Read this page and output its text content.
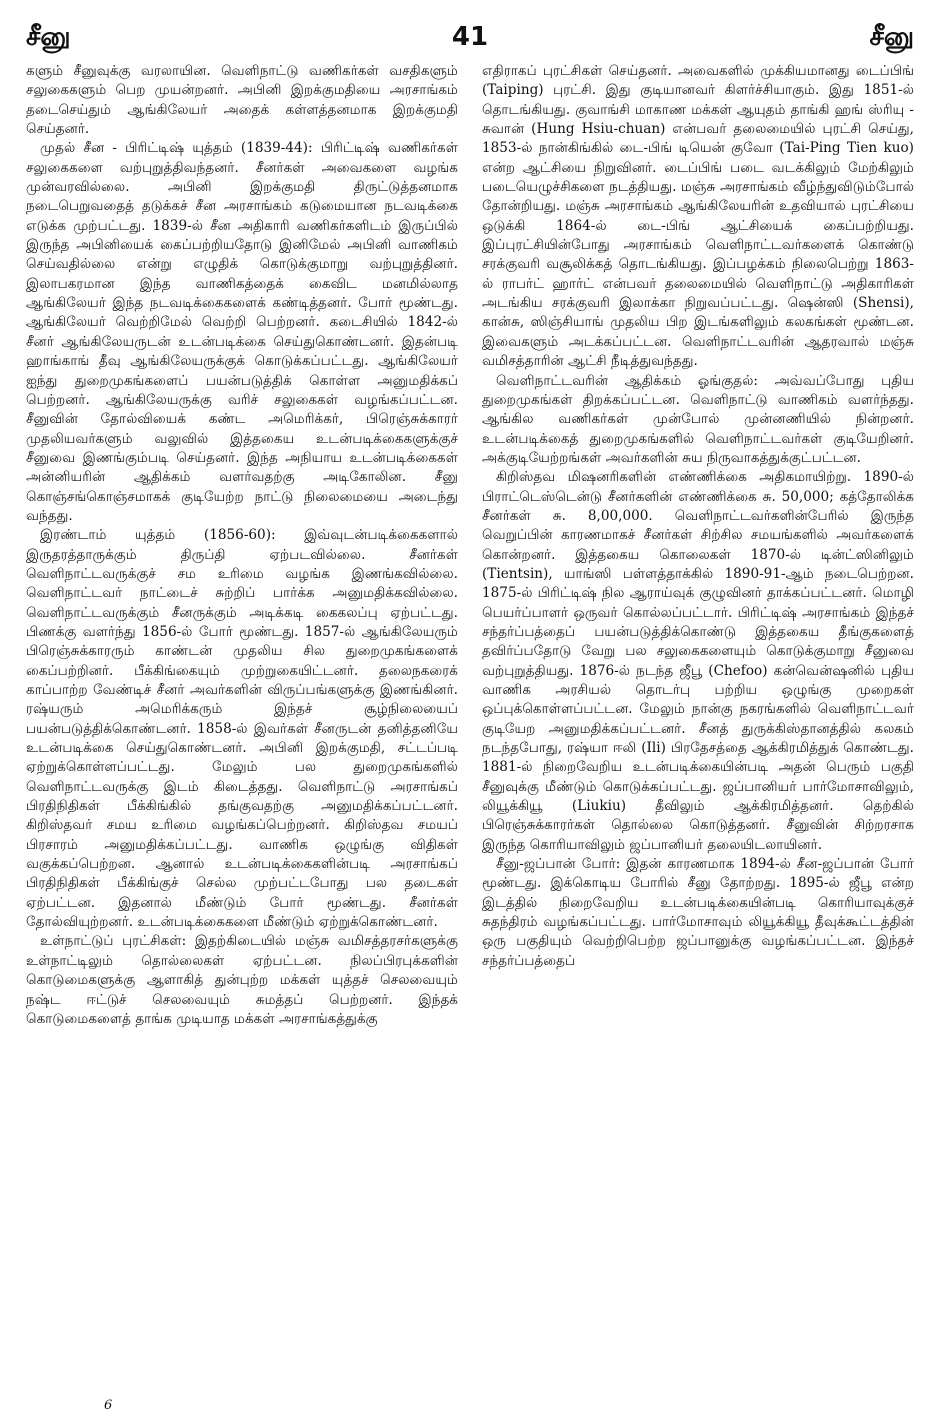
சீனு	41	சீனு

களும் சீனுவுக்கு வரலாயின. வெளிநாட்டு வணிகர்கள் வசதிகளும் சலுகைகளும் பெற முயன்றனர். அபினி இறக்குமதியை அரசாங்கம் தடைசெய்தும் ஆங்கிலேயர் அதைக் கள்ளத்தனமாக இறக்குமதி செய்தனர்.

முதல் சீன - பிரிட்டிஷ் யுத்தம் (1839-44): பிரிட்டிஷ் வணிகர்கள் சலுகைகளை வற்புறுத்திவந்தனர். சீனர்கள் அவைகளை வழங்க முன்வரவில்லை. அபினி இறக்குமதி திருட்டுத்தனமாக நடைபெறுவதைத் தடுக்கச் சீன அரசாங்கம் கடுமையான நடவடிக்கை எடுக்க முற்பட்டது. 1839-ல் சீன அதிகாரி வணிகர்களிடம் இருப்பில் இருந்த அபினியைக் கைப்பற்றியதோடு இனிமேல் அபினி வாணிகம் செய்வதில்லை என்று எழுதிக் கொடுக்குமாறு வற்புறுத்தினர். இலாபகரமான இந்த வாணிகத்தைக் கைவிட மனமில்லாத ஆங்கிலேயர் இந்த நடவடிக்கைகளைக் கண்டித்தனர். போர் மூண்டது. ஆங்கிலேயர் வெற்றிமேல் வெற்றி பெற்றனர். கடைசியில் 1842-ல் சீனர் ஆங்கிலேயருடன் உடன்படிக்கை செய்துகொண்டனர். இதன்படி ஹாங்காங் தீவு ஆங்கிலேயருக்குக் கொடுக்கப்பட்டது. ஆங்கிலேயர் ஐந்து துறைமுகங்களைப் பயன்படுத்திக் கொள்ள அனுமதிக்கப் பெற்றனர். ஆங்கிலேயருக்கு வரிச் சலுகைகள் வழங்கப்பட்டன. சீனுவின் தோல்வியைக் கண்ட அமெரிக்கர், பிரெஞ்சுக்காரர் முதலியவர்களும் வலுவில் இத்தகைய உடன்படிக்கைகளுக்குச் சீனுவை இணங்கும்படி செய்தனர். இந்த அநியாய உடன்படிக்கைகள் அன்னியரின் ஆதிக்கம் வளர்வதற்கு அடிகோலின. சீனு கொஞ்சங்கொஞ்சமாகக் குடியேற்ற நாட்டு நிலைமையை அடைந்து வந்தது.

இரண்டாம் யுத்தம் (1856-60): இவ்வுடன்படிக்கைகளால் இருதரத்தாருக்கும் திருப்தி ஏற்படவில்லை. சீனர்கள் வெளிநாட்டவருக்குச் சம உரிமை வழங்க இணங்கவில்லை. வெளிநாட்டவர் நாட்டைச் சுற்றிப் பார்க்க அனுமதிக்கவில்லை. வெளிநாட்டவருக்கும் சீனருக்கும் அடிக்கடி கைகலப்பு ஏற்பட்டது. பிணக்கு வளர்ந்து 1856-ல் போர் மூண்டது. 1857-ல் ஆங்கிலேயரும் பிரெஞ்சுக்காரரும் காண்டன் முதலிய சில துறைமுகங்களைக் கைப்பற்றினர். பீக்கிங்கையும் முற்றுகையிட்டனர். தலைநகரைக் காப்பாற்ற வேண்டிச் சீனர் அவர்களின் விருப்பங்களுக்கு இணங்கினர். ரஷ்யரும் அமெரிக்கரும் இந்தச் சூழ்நிலையைப் பயன்படுத்திக்கொண்டனர். 1858-ல் இவர்கள் சீனருடன் தனித்தனியே உடன்படிக்கை செய்துகொண்டனர். அபினி இறக்குமதி, சட்டப்படி ஏற்றுக்கொள்ளப்பட்டது. மேலும் பல துறைமுகங்களில் வெளிநாட்டவருக்கு இடம் கிடைத்தது. வெளிநாட்டு அரசாங்கப் பிரதிநிதிகள் பீக்கிங்கில் தங்குவதற்கு அனுமதிக்கப்பட்டனர். கிறிஸ்தவர் சமய உரிமை வழங்கப்பெற்றனர். கிறிஸ்தவ சமயப் பிரசாரம் அனுமதிக்கப்பட்டது. வாணிக ஒழுங்கு விதிகள் வகுக்கப்பெற்றன. ஆனால் உடன்படிக்கைகளின்படி அரசாங்கப் பிரதிநிதிகள் பீக்கிங்குச் செல்ல முற்பட்டபோது பல தடைகள் ஏற்பட்டன. இதனால் மீண்டும் போர் மூண்டது. சீனர்கள் தோல்வியுற்றனர். உடன்படிக்கைகளை மீண்டும் ஏற்றுக்கொண்டனர்.

உள்நாட்டுப் புரட்சிகள்: இதற்கிடையில் மஞ்சு வமிசத்தரசர்களுக்கு உள்நாட்டிலும் தொல்லைகள் ஏற்பட்டன. நிலப்பிரபுக்களின் கொடுமைகளுக்கு ஆளாகித் துன்புற்ற மக்கள் யுத்தச் செலவையும் நஷ்ட ஈட்டுச் செலவையும் சுமத்தப் பெற்றனர். இந்தக் கொடுமைகளைத் தாங்க முடியாத மக்கள் அரசாங்கத்துக்கு

எதிராகப் புரட்சிகள் செய்தனர். அவைகளில் முக்கியமானது டைப்பிங் (Taiping) புரட்சி. இது குடியானவர் கிளர்ச்சியாகும். இது 1851-ல் தொடங்கியது. குவாங்சி மாகாண மக்கள் ஆயுதம் தாங்கி ஹங் ஸ்ரியு - சுவான் (Hung Hsiu-chuan) என்பவர் தலைமையில் புரட்சி செய்து, 1853-ல் நான்கிங்கில் டை-பிங் டியென் குவோ (Tai-Ping Tien kuo) என்ற ஆட்சியை நிறுவினர். டைப்பிங் படை வடக்கிலும் மேற்கிலும் படையெழுச்சிகளை நடத்தியது. மஞ்சு அரசாங்கம் வீழ்ந்துவிடும்போல் தோன்றியது. மஞ்சு அரசாங்கம் ஆங்கிலேயரின் உதவியால் புரட்சியை ஒடுக்கி 1864-ல் டை-பிங் ஆட்சியைக் கைப்பற்றியது. இப்புரட்சியின்போது அரசாங்கம் வெளிநாட்டவர்களைக் கொண்டு சரக்குவரி வசூலிக்கத் தொடங்கியது. இப்பழக்கம் நிலைபெற்று 1863-ல் ராபர்ட் ஹார்ட் என்பவர் தலைமையில் வெளிநாட்டு அதிகாரிகள் அடங்கிய சரக்குவரி இலாக்கா நிறுவப்பட்டது. ஷென்ஸி (Shensi), கான்சு, ஸிஞ்சியாங் முதலிய பிற இடங்களிலும் கலகங்கள் மூண்டன. இவைகளும் அடக்கப்பட்டன. வெளிநாட்டவரின் ஆதரவால் மஞ்சு வமிசத்தாரின் ஆட்சி நீடித்துவந்தது.

வெளிநாட்டவரின் ஆதிக்கம் ஓங்குதல்: அவ்வப்போது புதிய துறைமுகங்கள் திறக்கப்பட்டன. வெளிநாட்டு வாணிகம் வளர்ந்தது. ஆங்கில வணிகர்கள் முன்போல் முன்னணியில் நின்றனர். உடன்படிக்கைத் துறைமுகங்களில் வெளிநாட்டவர்கள் குடியேறினர். அக்குடியேற்றங்கள் அவர்களின் சுய நிருவாகத்துக்குட்பட்டன.

கிறிஸ்தவ மிஷனரிகளின் எண்ணிக்கை அதிகமாயிற்று. 1890-ல் பிராட்டெஸ்டென்டு சீனர்களின் எண்ணிக்கை சு. 50,000; கத்தோலிக்க சீனர்கள் சு. 8,00,000. வெளிநாட்டவர்களின்பேரில் இருந்த வெறுப்பின் காரணமாகச் சீனர்கள் சிற்சில சமயங்களில் அவர்களைக் கொன்றனர். இத்தகைய கொலைகள் 1870-ல் டின்ட்ஸினிலும் (Tientsin), யாங்ஸி பள்ளத்தாக்கில் 1890-91-ஆம் நடைபெற்றன. 1875-ல் பிரிட்டிஷ் நில ஆராய்வுக் குழுவினர் தாக்கப்பட்டனர். மொழி பெயர்ப்பாளர் ஒருவர் கொல்லப்பட்டார். பிரிட்டிஷ் அரசாங்கம் இந்தச் சந்தர்ப்பத்தைப் பயன்படுத்திக்கொண்டு இத்தகைய தீங்குகளைத் தவிர்ப்பதோடு வேறு பல சலுகைகளையும் கொடுக்குமாறு சீனுவை வற்புறுத்தியது. 1876-ல் நடந்த ஜீபூ (Chefoo) கன்வென்ஷனில் புதிய வாணிக அரசியல் தொடர்பு பற்றிய ஒழுங்கு முறைகள் ஒப்புக்கொள்ளப்பட்டன. மேலும் நான்கு நகரங்களில் வெளிநாட்டவர் குடியேற அனுமதிக்கப்பட்டனர். சீனத் துருக்கிஸ்தானத்தில் கலகம் நடந்தபோது, ரஷ்யா ஈலி (Ili) பிரதேசத்தை ஆக்கிரமித்துக் கொண்டது. 1881-ல் நிறைவேறிய உடன்படிக்கையின்படி அதன் பெரும் பகுதி சீனுவுக்கு மீண்டும் கொடுக்கப்பட்டது. ஜப்பானியர் பார்மோசாவிலும், லியூக்கியூ (Liukiu) தீவிலும் ஆக்கிரமித்தனர். தெற்கில் பிரெஞ்சுக்காரர்கள் தொல்லை கொடுத்தனர். சீனுவின் சிற்றரசாக இருந்த கொரியாவிலும் ஜப்பானியர் தலையிடலாயினர்.

சீனு-ஜப்பான் போர்: இதன் காரணமாக 1894-ல் சீன-ஜப்பான் போர் மூண்டது. இக்கொடிய போரில் சீனு தோற்றது. 1895-ல் ஜீபூ என்ற இடத்தில் நிறைவேறிய உடன்படிக்கையின்படி கொரியாவுக்குச் சுதந்திரம் வழங்கப்பட்டது. பார்மோசாவும் லியூக்கியூ தீவுக்கூட்டத்தின் ஒரு பகுதியும் வெற்றிபெற்ற ஜப்பானுக்கு வழங்கப்பட்டன. இந்தச் சந்தர்ப்பத்தைப்

6
